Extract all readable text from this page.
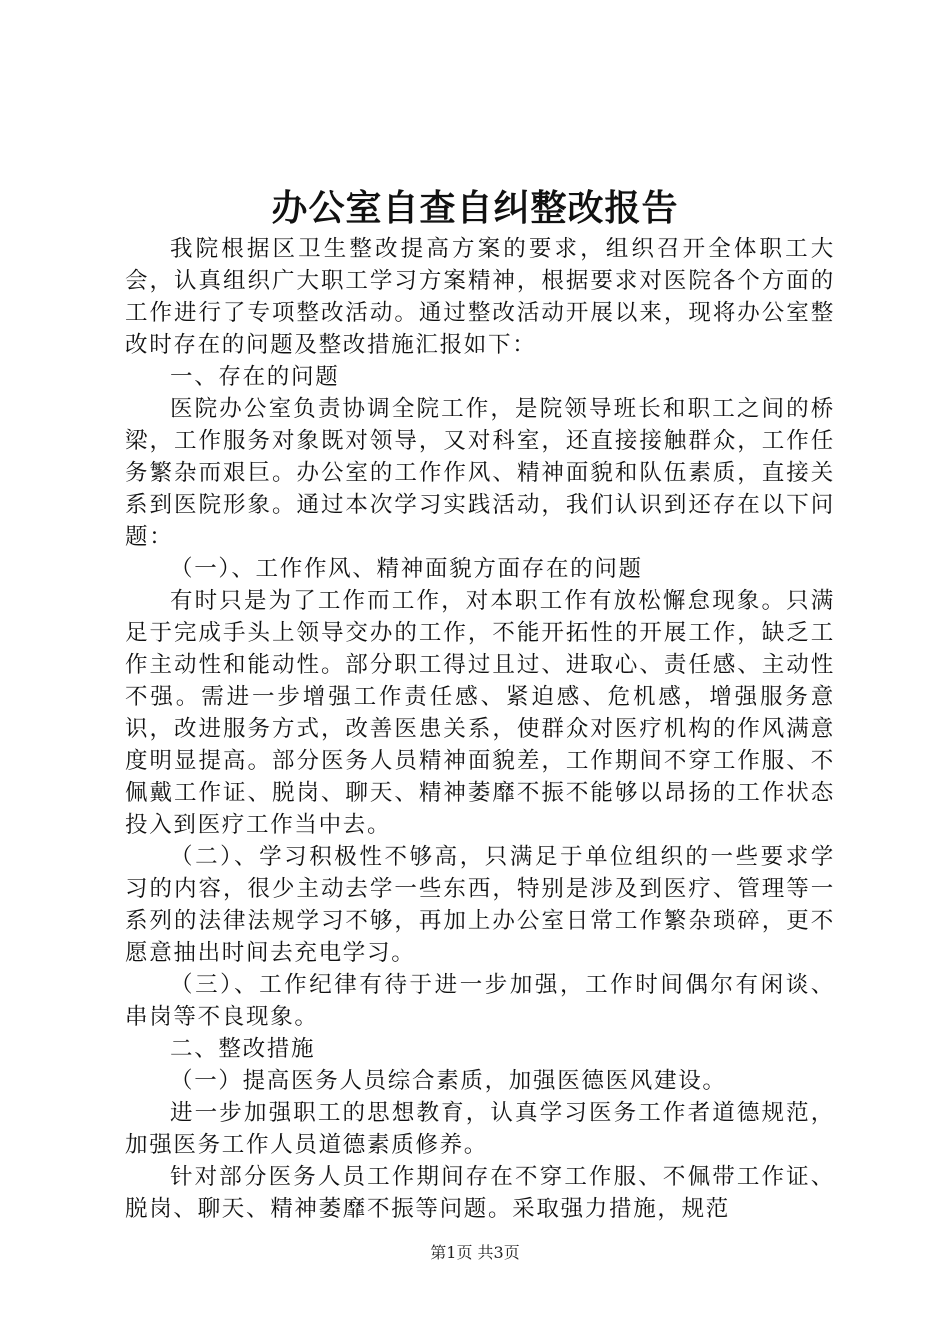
办公室自查自纠整改报告

我院根据区卫生整改提高方案的要求，组织召开全体职工大会，认真组织广大职工学习方案精神，根据要求对医院各个方面的工作进行了专项整改活动。通过整改活动开展以来，现将办公室整改时存在的问题及整改措施汇报如下：

一、存在的问题

医院办公室负责协调全院工作，是院领导班长和职工之间的桥梁，工作服务对象既对领导，又对科室，还直接接触群众，工作任务繁杂而艰巨。办公室的工作作风、精神面貌和队伍素质，直接关系到医院形象。通过本次学习实践活动，我们认识到还存在以下问题：

（一）、工作作风、精神面貌方面存在的问题

有时只是为了工作而工作，对本职工作有放松懈怠现象。只满足于完成手头上领导交办的工作，不能开拓性的开展工作，缺乏工作主动性和能动性。部分职工得过且过、进取心、责任感、主动性不强。需进一步增强工作责任感、紧迫感、危机感，增强服务意识，改进服务方式，改善医患关系，使群众对医疗机构的作风满意度明显提高。部分医务人员精神面貌差，工作期间不穿工作服、不佩戴工作证、脱岗、聊天、精神萎靡不振不能够以昂扬的工作状态投入到医疗工作当中去。

（二）、学习积极性不够高，只满足于单位组织的一些要求学习的内容，很少主动去学一些东西，特别是涉及到医疗、管理等一系列的法律法规学习不够，再加上办公室日常工作繁杂琐碎，更不愿意抽出时间去充电学习。

（三）、工作纪律有待于进一步加强，工作时间偶尔有闲谈、串岗等不良现象。

二、整改措施

（一）提高医务人员综合素质，加强医德医风建设。

进一步加强职工的思想教育，认真学习医务工作者道德规范，加强医务工作人员道德素质修养。

针对部分医务人员工作期间存在不穿工作服、不佩带工作证、脱岗、聊天、精神萎靡不振等问题。采取强力措施，规范

第1页 共3页
